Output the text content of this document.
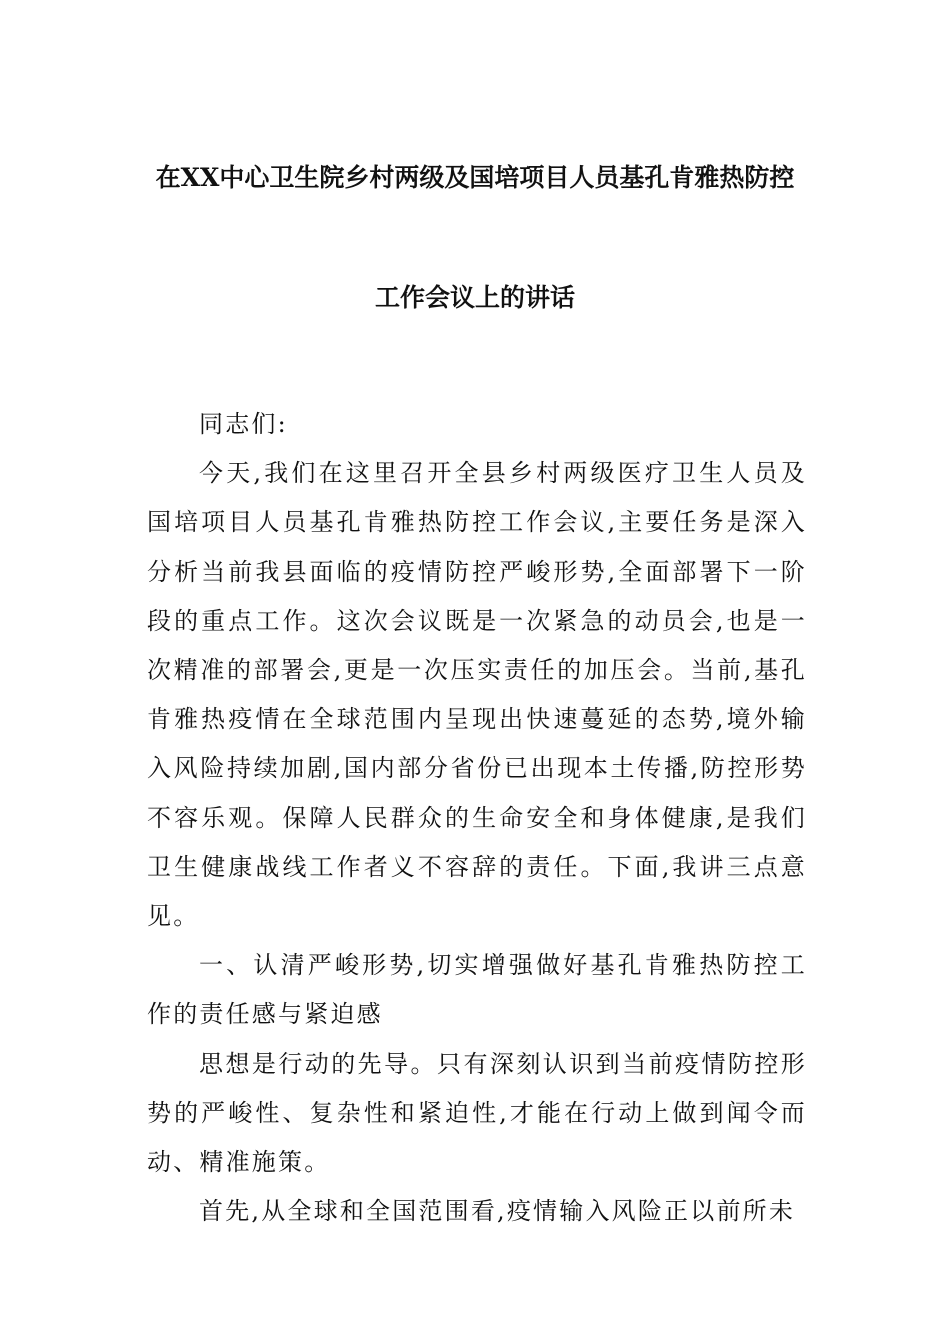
在XX中心卫生院乡村两级及国培项目人员基孔肯雅热防控
工作会议上的讲话

同志们:

今天,我们在这里召开全县乡村两级医疗卫生人员及国培项目人员基孔肯雅热防控工作会议,主要任务是深入分析当前我县面临的疫情防控严峻形势,全面部署下一阶段的重点工作。这次会议既是一次紧急的动员会,也是一次精准的部署会,更是一次压实责任的加压会。当前,基孔肯雅热疫情在全球范围内呈现出快速蔓延的态势,境外输入风险持续加剧,国内部分省份已出现本土传播,防控形势不容乐观。保障人民群众的生命安全和身体健康,是我们卫生健康战线工作者义不容辞的责任。下面,我讲三点意见。

一、认清严峻形势,切实增强做好基孔肯雅热防控工作的责任感与紧迫感

思想是行动的先导。只有深刻认识到当前疫情防控形势的严峻性、复杂性和紧迫性,才能在行动上做到闻令而动、精准施策。

首先,从全球和全国范围看,疫情输入风险正以前所未
